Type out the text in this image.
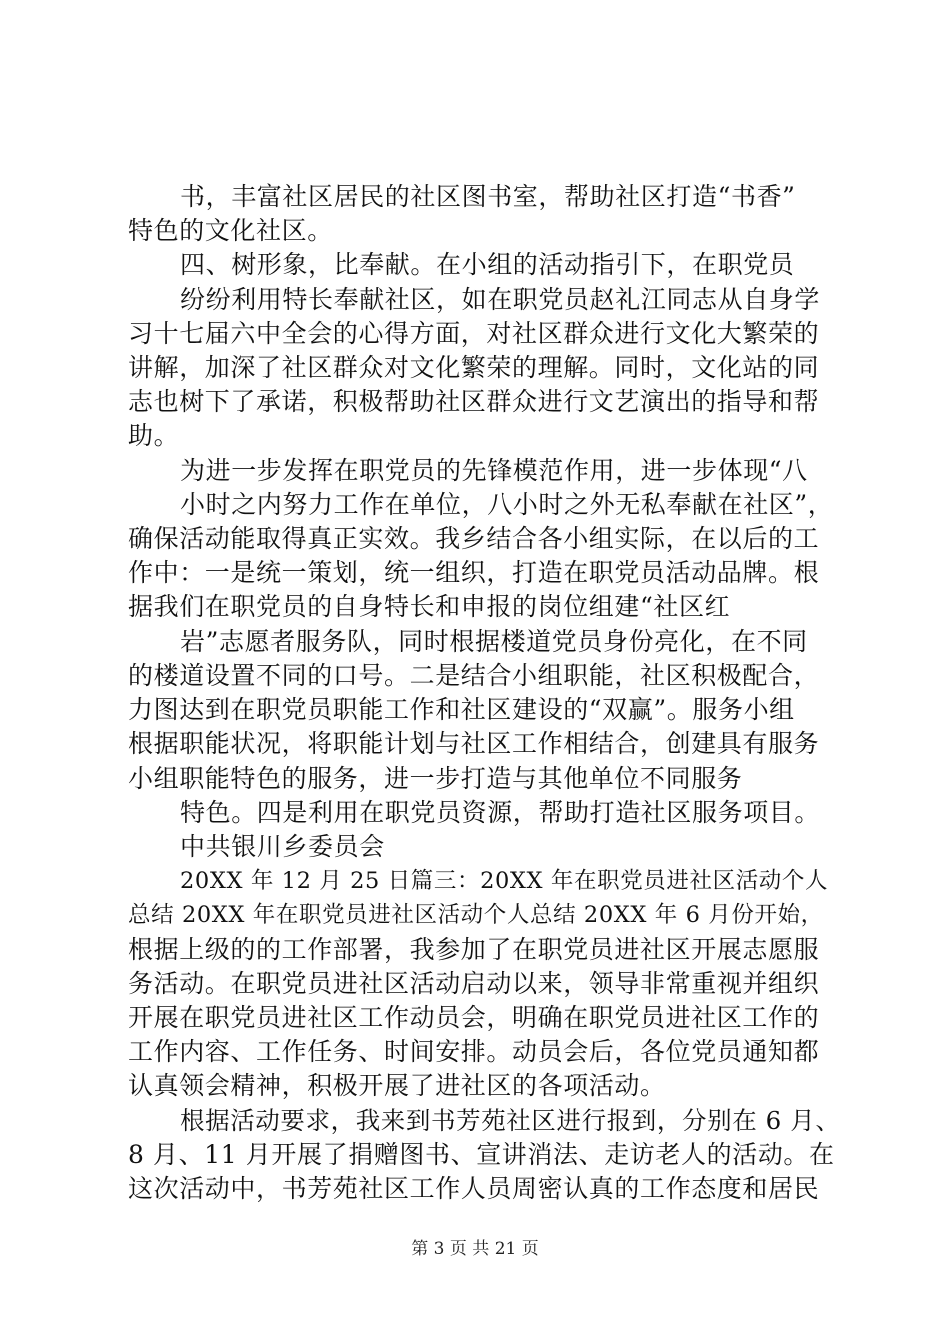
书，丰富社区居民的社区图书室，帮助社区打造“书香”
特色的文化社区。
四、树形象，比奉献。在小组的活动指引下，在职党员
纷纷利用特长奉献社区，如在职党员赵礼江同志从自身学
习十七届六中全会的心得方面，对社区群众进行文化大繁荣的
讲解，加深了社区群众对文化繁荣的理解。同时，文化站的同
志也树下了承诺，积极帮助社区群众进行文艺演出的指导和帮
助。
为进一步发挥在职党员的先锋模范作用，进一步体现“八
小时之内努力工作在单位，八小时之外无私奉献在社区”，
确保活动能取得真正实效。我乡结合各小组实际，在以后的工
作中：一是统一策划，统一组织，打造在职党员活动品牌。根
据我们在职党员的自身特长和申报的岗位组建“社区红
岩”志愿者服务队，同时根据楼道党员身份亮化，在不同
的楼道设置不同的口号。二是结合小组职能，社区积极配合，
力图达到在职党员职能工作和社区建设的“双赢”。服务小组
根据职能状况，将职能计划与社区工作相结合，创建具有服务
小组职能特色的服务，进一步打造与其他单位不同服务
特色。四是利用在职党员资源，帮助打造社区服务项目。
中共银川乡委员会
20XX 年 12 月 25 日篇三：20XX 年在职党员进社区活动个人
总结 20XX 年在职党员进社区活动个人总结 20XX 年 6 月份开始，
根据上级的的工作部署，我参加了在职党员进社区开展志愿服
务活动。在职党员进社区活动启动以来，领导非常重视并组织
开展在职党员进社区工作动员会，明确在职党员进社区工作的
工作内容、工作任务、时间安排。动员会后，各位党员通知都
认真领会精神，积极开展了进社区的各项活动。
根据活动要求，我来到书芳苑社区进行报到，分别在 6 月、
8 月、11 月开展了捐赠图书、宣讲消法、走访老人的活动。在
这次活动中，书芳苑社区工作人员周密认真的工作态度和居民
第 3 页 共 21 页
